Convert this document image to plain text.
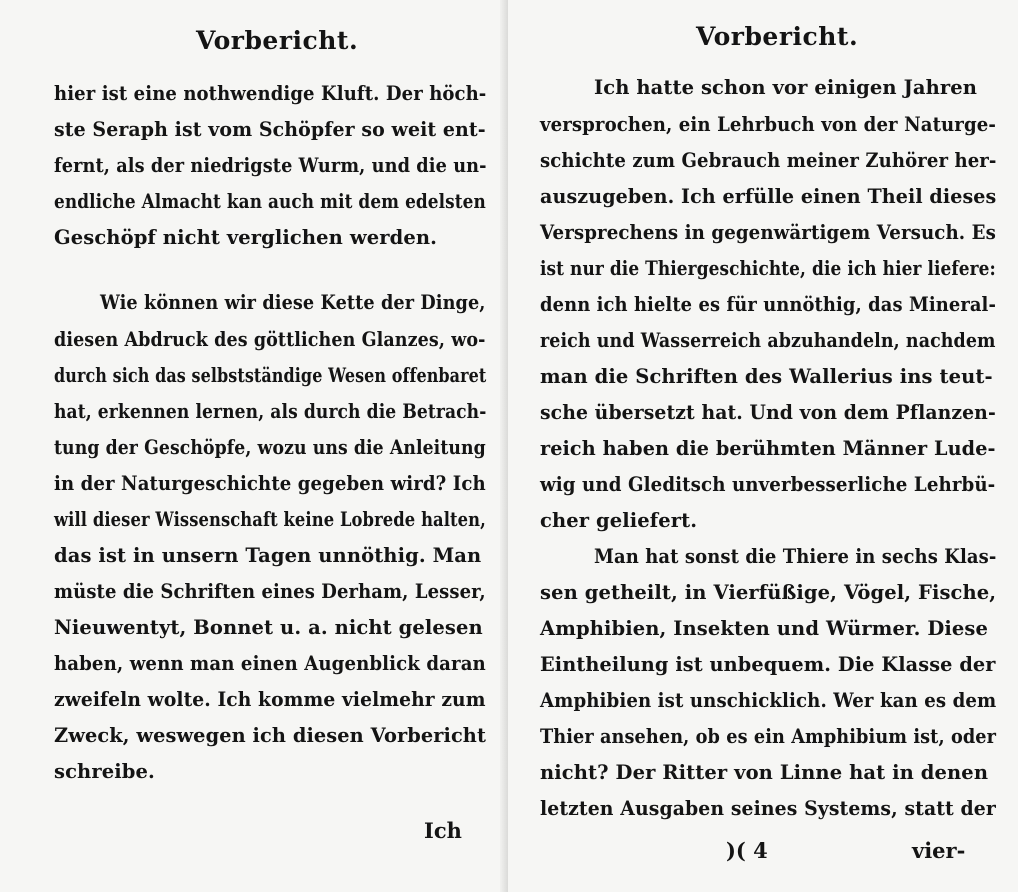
Vorbericht.
hier ist eine nothwendige Kluft. Der höch-
ste Seraph ist vom Schöpfer so weit ent-
fernt, als der niedrigste Wurm, und die un-
endliche Almacht kan auch mit dem edelsten
Geschöpf nicht verglichen werden.
Wie können wir diese Kette der Dinge,
diesen Abdruck des göttlichen Glanzes, wo-
durch sich das selbstständige Wesen offenbaret
hat, erkennen lernen, als durch die Betrach-
tung der Geschöpfe, wozu uns die Anleitung
in der Naturgeschichte gegeben wird? Ich
will dieser Wissenschaft keine Lobrede halten,
das ist in unsern Tagen unnöthig. Man
müste die Schriften eines Derham, Lesser,
Nieuwentyt, Bonnet u. a. nicht gelesen
haben, wenn man einen Augenblick daran
zweifeln wolte. Ich komme vielmehr zum
Zweck, weswegen ich diesen Vorbericht
schreibe.
Ich
Vorbericht.
Ich hatte schon vor einigen Jahren
versprochen, ein Lehrbuch von der Naturge-
schichte zum Gebrauch meiner Zuhörer her-
auszugeben. Ich erfülle einen Theil dieses
Versprechens in gegenwärtigem Versuch. Es
ist nur die Thiergeschichte, die ich hier liefere:
denn ich hielte es für unnöthig, das Mineral-
reich und Wasserreich abzuhandeln, nachdem
man die Schriften des Wallerius ins teut-
sche übersetzt hat. Und von dem Pflanzen-
reich haben die berühmten Männer Lude-
wig und Gleditsch unverbesserliche Lehrbü-
cher geliefert.
Man hat sonst die Thiere in sechs Klas-
sen getheilt, in Vierfüßige, Vögel, Fische,
Amphibien, Insekten und Würmer. Diese
Eintheilung ist unbequem. Die Klasse der
Amphibien ist unschicklich. Wer kan es dem
Thier ansehen, ob es ein Amphibium ist, oder
nicht? Der Ritter von Linne hat in denen
letzten Ausgaben seines Systems, statt der
)( 4	vier-
